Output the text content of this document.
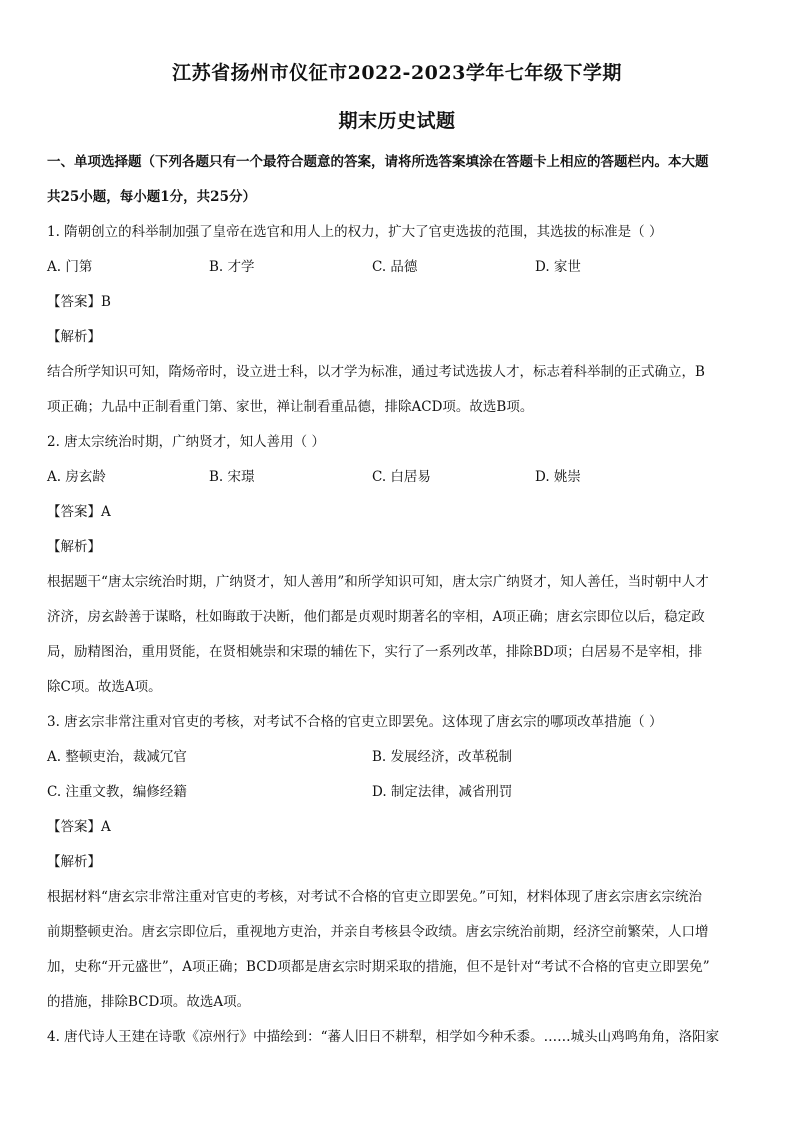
江苏省扬州市仪征市2022-2023学年七年级下学期
期末历史试题
一、单项选择题（下列各题只有一个最符合题意的答案，请将所选答案填涂在答题卡上相应的答题栏内。本大题
共25小题，每小题1分，共25分）
1. 隋朝创立的科举制加强了皇帝在选官和用人上的权力，扩大了官吏选拔的范围，其选拔的标准是（ ）
A. 门第	B. 才学	C. 品德	D. 家世
【答案】B
【解析】
结合所学知识可知，隋炀帝时，设立进士科，以才学为标准，通过考试选拔人才，标志着科举制的正式确立，B
项正确；九品中正制看重门第、家世，禅让制看重品德，排除ACD项。故选B项。
2. 唐太宗统治时期，广纳贤才，知人善用（ ）
A. 房玄龄	B. 宋璟	C. 白居易	D. 姚崇
【答案】A
【解析】
根据题干“唐太宗统治时期，广纳贤才，知人善用”和所学知识可知，唐太宗广纳贤才，知人善任，当时朝中人才
济济，房玄龄善于谋略，杜如晦敢于决断，他们都是贞观时期著名的宰相，A项正确；唐玄宗即位以后，稳定政
局，励精图治，重用贤能，在贤相姚崇和宋璟的辅佐下，实行了一系列改革，排除BD项；白居易不是宰相，排
除C项。故选A项。
3. 唐玄宗非常注重对官吏的考核，对考试不合格的官吏立即罢免。这体现了唐玄宗的哪项改革措施（ ）
A. 整顿吏治，裁减冗官	B. 发展经济，改革税制
C. 注重文教，编修经籍	D. 制定法律，减省刑罚
【答案】A
【解析】
根据材料“唐玄宗非常注重对官吏的考核，对考试不合格的官吏立即罢免。”可知，材料体现了唐玄宗唐玄宗统治
前期整顿吏治。唐玄宗即位后，重视地方吏治，并亲自考核县令政绩。唐玄宗统治前期，经济空前繁荣，人口增
加，史称“开元盛世”，A项正确；BCD项都是唐玄宗时期采取的措施，但不是针对“考试不合格的官吏立即罢免”
的措施，排除BCD项。故选A项。
4. 唐代诗人王建在诗歌《凉州行》中描绘到：“蕃人旧日不耕犁，相学如今种禾黍。……城头山鸡鸣角角，洛阳家
